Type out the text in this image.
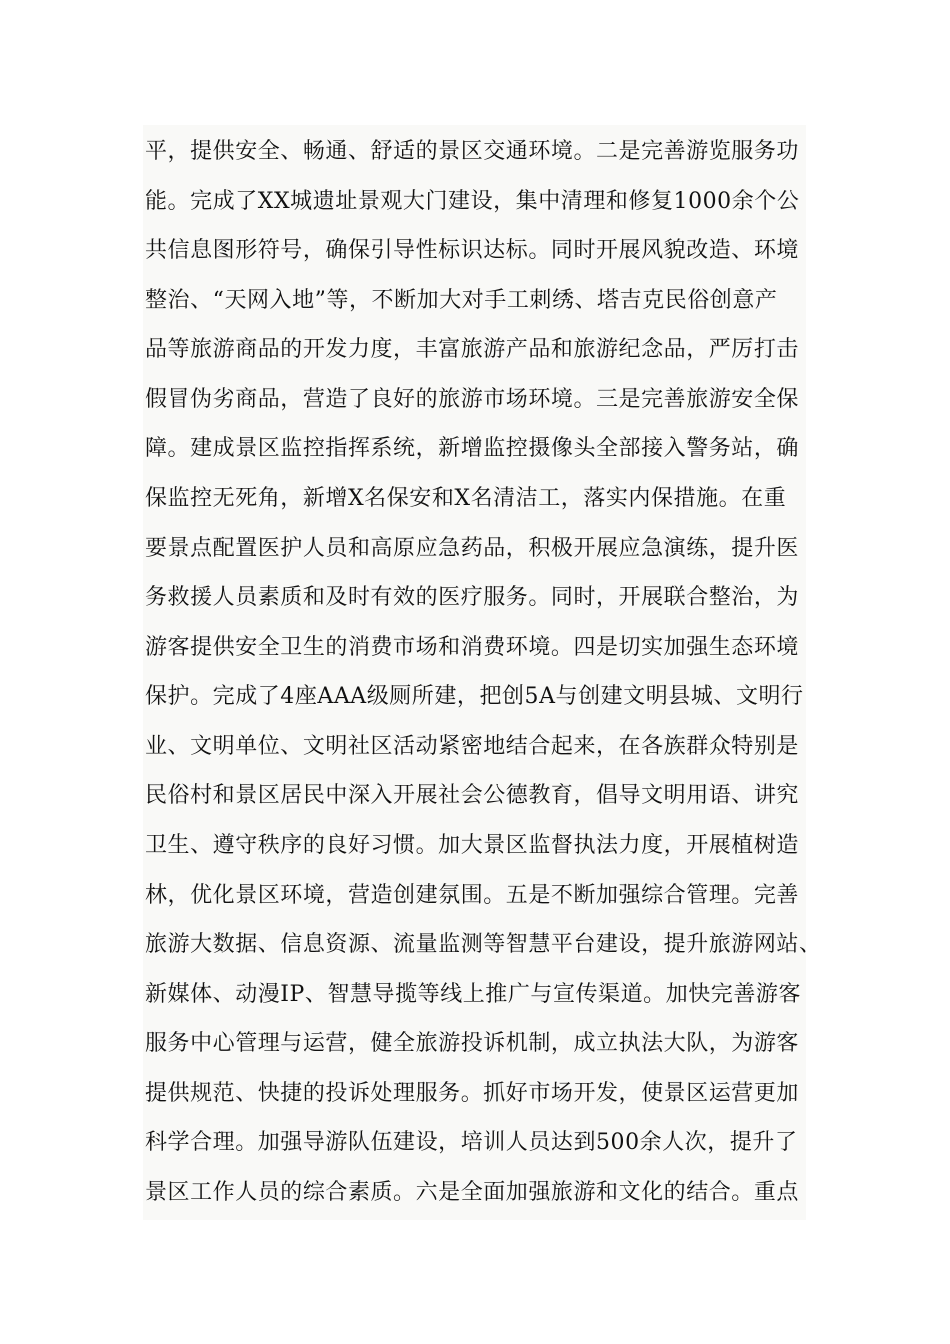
平，提供安全、畅通、舒适的景区交通环境。二是完善游览服务功
能。完成了XX城遗址景观大门建设，集中清理和修复1000余个公
共信息图形符号，确保引导性标识达标。同时开展风貌改造、环境
整治、“天网入地”等，不断加大对手工刺绣、塔吉克民俗创意产
品等旅游商品的开发力度，丰富旅游产品和旅游纪念品，严厉打击
假冒伪劣商品，营造了良好的旅游市场环境。三是完善旅游安全保
障。建成景区监控指挥系统，新增监控摄像头全部接入警务站，确
保监控无死角，新增X名保安和X名清洁工，落实内保措施。在重
要景点配置医护人员和高原应急药品，积极开展应急演练，提升医
务救援人员素质和及时有效的医疗服务。同时，开展联合整治，为
游客提供安全卫生的消费市场和消费环境。四是切实加强生态环境
保护。完成了4座AAA级厕所建，把创5A与创建文明县城、文明行
业、文明单位、文明社区活动紧密地结合起来，在各族群众特别是
民俗村和景区居民中深入开展社会公德教育，倡导文明用语、讲究
卫生、遵守秩序的良好习惯。加大景区监督执法力度，开展植树造
林，优化景区环境，营造创建氛围。五是不断加强综合管理。完善
旅游大数据、信息资源、流量监测等智慧平台建设，提升旅游网站、
新媒体、动漫IP、智慧导揽等线上推广与宣传渠道。加快完善游客
服务中心管理与运营，健全旅游投诉机制，成立执法大队，为游客
提供规范、快捷的投诉处理服务。抓好市场开发，使景区运营更加
科学合理。加强导游队伍建设，培训人员达到500余人次，提升了
景区工作人员的综合素质。六是全面加强旅游和文化的结合。重点
